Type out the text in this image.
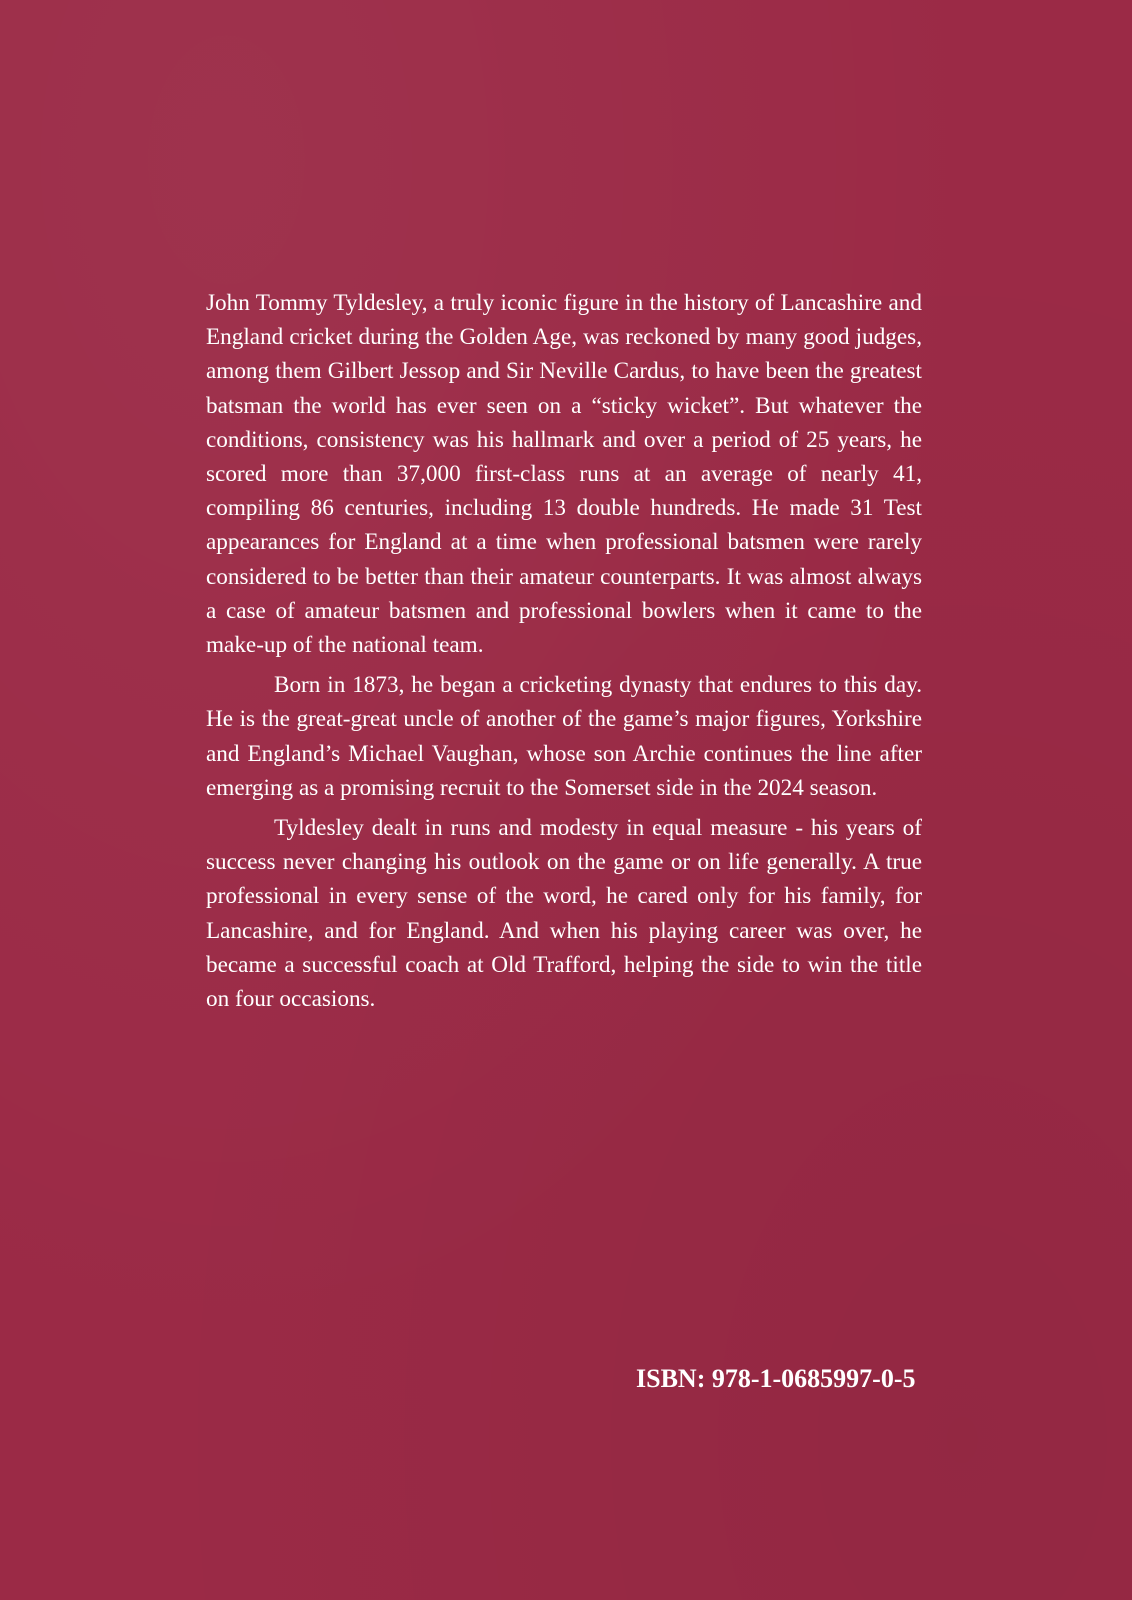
John Tommy Tyldesley, a truly iconic figure in the history of Lancashire and England cricket during the Golden Age, was reckoned by many good judges, among them Gilbert Jessop and Sir Neville Cardus, to have been the greatest batsman the world has ever seen on a “sticky wicket”. But whatever the conditions, consistency was his hallmark and over a period of 25 years, he scored more than 37,000 first-class runs at an average of nearly 41, compiling 86 centuries, including 13 double hundreds. He made 31 Test appearances for England at a time when professional batsmen were rarely considered to be better than their amateur counterparts. It was almost always a case of amateur batsmen and professional bowlers when it came to the make-up of the national team.

Born in 1873, he began a cricketing dynasty that endures to this day. He is the great-great uncle of another of the game’s major figures, Yorkshire and England’s Michael Vaughan, whose son Archie continues the line after emerging as a promising recruit to the Somerset side in the 2024 season.

Tyldesley dealt in runs and modesty in equal measure - his years of success never changing his outlook on the game or on life generally. A true professional in every sense of the word, he cared only for his family, for Lancashire, and for England. And when his playing career was over, he became a successful coach at Old Trafford, helping the side to win the title on four occasions.

ISBN: 978-1-0685997-0-5
